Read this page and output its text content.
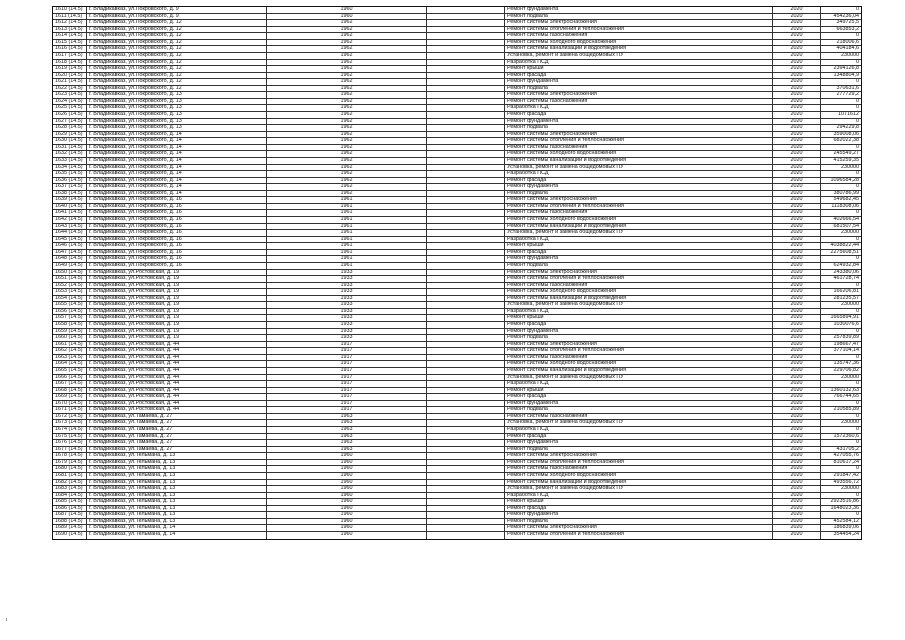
1610 (14.5)	г. Владикавказ, ул.Покровского, д. 9	1960	Ремонт фундамента	2020	0
1611 (14.5)	г. Владикавказ, ул.Покровского, д. 9	1960	Ремонт подвала	2020	454236,04
1612 (14.5)	г. Владикавказ, ул.Покровского, д. 12	1962	Ремонт системы электроснабжения	2020	349725,5
1613 (14.5)	г. Владикавказ, ул.Покровского, д. 12	1962	Ремонт системы отопления и теплоснабжения	2020	663853,2
1614 (14.5)	г. Владикавказ, ул.Покровского, д. 12	1962	Ремонт системы газоснабжения	2020	0
1615 (14.5)	г. Владикавказ, ул.Покровского, д. 12	1962	Ремонт системы холодного водоснабжения	2020	218006,6
1616 (14.5)	г. Владикавказ, ул.Покровского, д. 12	1962	Ремонт системы канализации и водоотведения	2020	404184,6
1617 (14.5)	г. Владикавказ, ул.Покровского, д. 12	1962	Установка, ремонт и замена общедомовых ПУ	2020	230000
1618 (14.5)	г. Владикавказ, ул.Покровского, д. 12	1962	Разработка ПСД	2020	0
1619 (14.5)	г. Владикавказ, ул.Покровского, д. 12	1962	Ремонт крыши	2020	2394126,8
1620 (14.5)	г. Владикавказ, ул.Покровского, д. 12	1962	Ремонт фасада	2020	1348804,9
1621 (14.5)	г. Владикавказ, ул.Покровского, д. 12	1962	Ремонт фундамента	2020	0
1622 (14.5)	г. Владикавказ, ул.Покровского, д. 12	1962	Ремонт подвала	2020	370631,6
1623 (14.5)	г. Владикавказ, ул.Покровского, д. 13	1962	Ремонт системы электроснабжения	2020	277729,2
1624 (14.5)	г. Владикавказ, ул.Покровского, д. 13	1962	Ремонт системы газоснабжения	2020	0
1625 (14.5)	г. Владикавказ, ул.Покровского, д. 13	1962	Разработка ПСД	2020	0
1626 (14.5)	г. Владикавказ, ул.Покровского, д. 13	1962	Ремонт фасада	2020	1071612
1627 (14.5)	г. Владикавказ, ул.Покровского, д. 13	1962	Ремонт фундамента	2020	0
1628 (14.5)	г. Владикавказ, ул.Покровского, д. 13	1962	Ремонт подвала	2020	294229,8
1629 (14.5)	г. Владикавказ, ул.Покровского, д. 14	1962	Ремонт системы электроснабжения	2020	359008,06
1630 (14.5)	г. Владикавказ, ул.Покровского, д. 14	1962	Ремонт системы отопления и теплоснабжения	2020	682022,38
1631 (14.5)	г. Владикавказ, ул.Покровского, д. 14	1962	Ремонт системы газоснабжения	2020	0
1632 (14.5)	г. Владикавказ, ул.Покровского, д. 14	1962	Ремонт системы холодного водоснабжения	2020	245549,27
1633 (14.5)	г. Владикавказ, ул.Покровского, д. 14	1962	Ремонт системы канализации и водоотведения	2020	415259,35
1634 (14.5)	г. Владикавказ, ул.Покровского, д. 14	1962	Установка, ремонт и замена общедомовых ПУ	2020	230000
1635 (14.5)	г. Владикавказ, ул.Покровского, д. 14	1962	Разработка ПСД	2020	0
1636 (14.5)	г. Владикавказ, ул.Покровского, д. 14	1962	Ремонт фасада	2020	1096584,28
1637 (14.5)	г. Владикавказ, ул.Покровского, д. 14	1962	Ремонт фундамента	2020	0
1638 (14.5)	г. Владикавказ, ул.Покровского, д. 14	1962	Ремонт подвала	2020	380786,99
1639 (14.5)	г. Владикавказ, ул.Покровского, д. 16	1961	Ремонт системы электроснабжения	2020	549682,45
1640 (14.5)	г. Владикавказ, ул.Покровского, д. 16	1961	Ремонт системы отопления и теплоснабжения	2020	1118308,06
1641 (14.5)	г. Владикавказ, ул.Покровского, д. 16	1961	Ремонт системы газоснабжения	2020	0
1642 (14.5)	г. Владикавказ, ул.Покровского, д. 16	1961	Ремонт системы холодного водоснабжения	2020	402666,54
1643 (14.5)	г. Владикавказ, ул.Покровского, д. 16	1961	Ремонт системы канализации и водоотведения	2020	681507,54
1644 (14.5)	г. Владикавказ, ул.Покровского, д. 16	1961	Установка, ремонт и замена общедомовых ПУ	2020	230000
1645 (14.5)	г. Владикавказ, ул.Покровского, д. 16	1961	Разработка ПСД	2020	0
1646 (14.5)	г. Владикавказ, ул.Покровского, д. 16	1961	Ремонт крыши	2020	4038822,44
1647 (14.5)	г. Владикавказ, ул.Покровского, д. 16	1961	Ремонт фасада	2020	2275608,51
1648 (14.5)	г. Владикавказ, ул.Покровского, д. 16	1961	Ремонт фундамента	2020	0
1649 (14.5)	г. Владикавказ, ул.Покровского, д. 16	1961	Ремонт подвала	2020	624932,84
1650 (14.5)	г. Владикавказ, ул.Ростовская, д. 19	1933	Ремонт системы электроснабжения	2020	243380,06
1651 (14.5)	г. Владикавказ, ул.Ростовская, д. 19	1933	Ремонт системы отопления и теплоснабжения	2020	461728,74
1652 (14.5)	г. Владикавказ, ул.Ростовская, д. 19	1933	Ремонт системы газоснабжения	2020	0
1653 (14.5)	г. Владикавказ, ул.Ростовская, д. 19	1933	Ремонт системы холодного водоснабжения	2020	166206,81
1654 (14.5)	г. Владикавказ, ул.Ростовская, д. 19	1933	Ремонт системы канализации и водоотведения	2020	281235,57
1655 (14.5)	г. Владикавказ, ул.Ростовская, д. 19	1933	Установка, ремонт и замена общедомовых ПУ	2020	230000
1656 (14.5)	г. Владикавказ, ул.Ростовская, д. 19	1933	Разработка ПСД	2020	0
1657 (14.5)	г. Владикавказ, ул.Ростовская, д. 19	1933	Ремонт крыши	2020	1665894,91
1658 (14.5)	г. Владикавказ, ул.Ростовская, д. 19	1933	Ремонт фасада	2020	1030076,6
1659 (14.5)	г. Владикавказ, ул.Ростовская, д. 19	1933	Ремонт фундамента	2020	0
1660 (14.5)	г. Владикавказ, ул.Ростовская, д. 19	1933	Ремонт подвала	2020	257839,89
1661 (14.5)	г. Владикавказ, ул.Ростовская, д. 44	1917	Ремонт системы электроснабжения	2020	198667,47
1662 (14.5)	г. Владикавказ, ул.Ростовская, д. 44	1917	Ремонт системы отопления и теплоснабжения	2020	377104,14
1663 (14.5)	г. Владикавказ, ул.Ростовская, д. 44	1917	Ремонт системы газоснабжения	2020	0
1664 (14.5)	г. Владикавказ, ул.Ростовская, д. 44	1917	Ремонт системы холодного водоснабжения	2020	135747,36
1665 (14.5)	г. Владикавказ, ул.Ростовская, д. 44	1917	Ремонт системы канализации и водоотведения	2020	229706,82
1666 (14.5)	г. Владикавказ, ул.Ростовская, д. 44	1917	Установка, ремонт и замена общедомовых ПУ	2020	230000
1667 (14.5)	г. Владикавказ, ул.Ростовская, д. 44	1917	Разработка ПСД	2020	0
1668 (14.5)	г. Владикавказ, ул.Ростовская, д. 44	1917	Ремонт крыши	2020	1360132,63
1669 (14.5)	г. Владикавказ, ул.Ростовская, д. 44	1917	Ремонт фасада	2020	766744,65
1670 (14.5)	г. Владикавказ, ул.Ростовская, д. 44	1917	Ремонт фундамента	2020	0
1671 (14.5)	г. Владикавказ, ул.Ростовская, д. 44	1917	Ремонт подвала	2020	210585,89
1672 (14.5)	г. Владикавказ, ул.Тамаева, д. 27	1963	Ремонт системы газоснабжения	2020	0
1673 (14.5)	г. Владикавказ, ул.Тамаева, д. 27	1963	Установка, ремонт и замена общедомовых ПУ	2020	230000
1674 (14.5)	г. Владикавказ, ул.Тамаева, д. 27	1963	Разработка ПСД	2020	0
1675 (14.5)	г. Владикавказ, ул.Тамаева, д. 27	1963	Ремонт фасада	2020	1572360,6
1676 (14.5)	г. Владикавказ, ул.Тамаева, д. 27	1963	Ремонт фундамента	2020	0
1677 (14.5)	г. Владикавказ, ул.Тамаева, д. 27	1963	Ремонт подвала	2020	431705,2
1678 (14.5)	г. Владикавказ, ул.Тельмана, д. 13	1960	Ремонт системы электроснабжения	2020	427055,76
1679 (14.5)	г. Владикавказ, ул.Тельмана, д. 13	1960	Ремонт системы отопления и теплоснабжения	2020	810617,24
1680 (14.5)	г. Владикавказ, ул.Тельмана, д. 13	1960	Ремонт системы газоснабжения	2020	0
1681 (14.5)	г. Владикавказ, ул.Тельмана, д. 13	1960	Ремонт системы холодного водоснабжения	2020	291847,42
1682 (14.5)	г. Владикавказ, ул.Тельмана, д. 13	1960	Ремонт системы канализации и водоотведения	2020	493556,72
1683 (14.5)	г. Владикавказ, ул.Тельмана, д. 13	1960	Установка, ремонт и замена общедомовых ПУ	2020	230000
1684 (14.5)	г. Владикавказ, ул.Тельмана, д. 13	1960	Разработка ПСД	2020	0
1685 (14.5)	г. Владикавказ, ул.Тельмана, д. 13	1960	Ремонт крыши	2020	2923516,86
1686 (14.5)	г. Владикавказ, ул.Тельмана, д. 13	1960	Ремонт фасада	2020	1648023,36
1687 (14.5)	г. Владикавказ, ул.Тельмана, д. 13	1960	Ремонт фундамента	2020	0
1688 (14.5)	г. Владикавказ, ул.Тельмана, д. 13	1960	Ремонт подвала	2020	452584,12
1689 (14.5)	г. Владикавказ, ул.Тельмана, д. 14	1960	Ремонт системы электроснабжения	2020	186839,06
1690 (14.5)	г. Владикавказ, ул.Тельмана, д. 14	1960	Ремонт системы отопления и теплоснабжения	2020	354454,24
